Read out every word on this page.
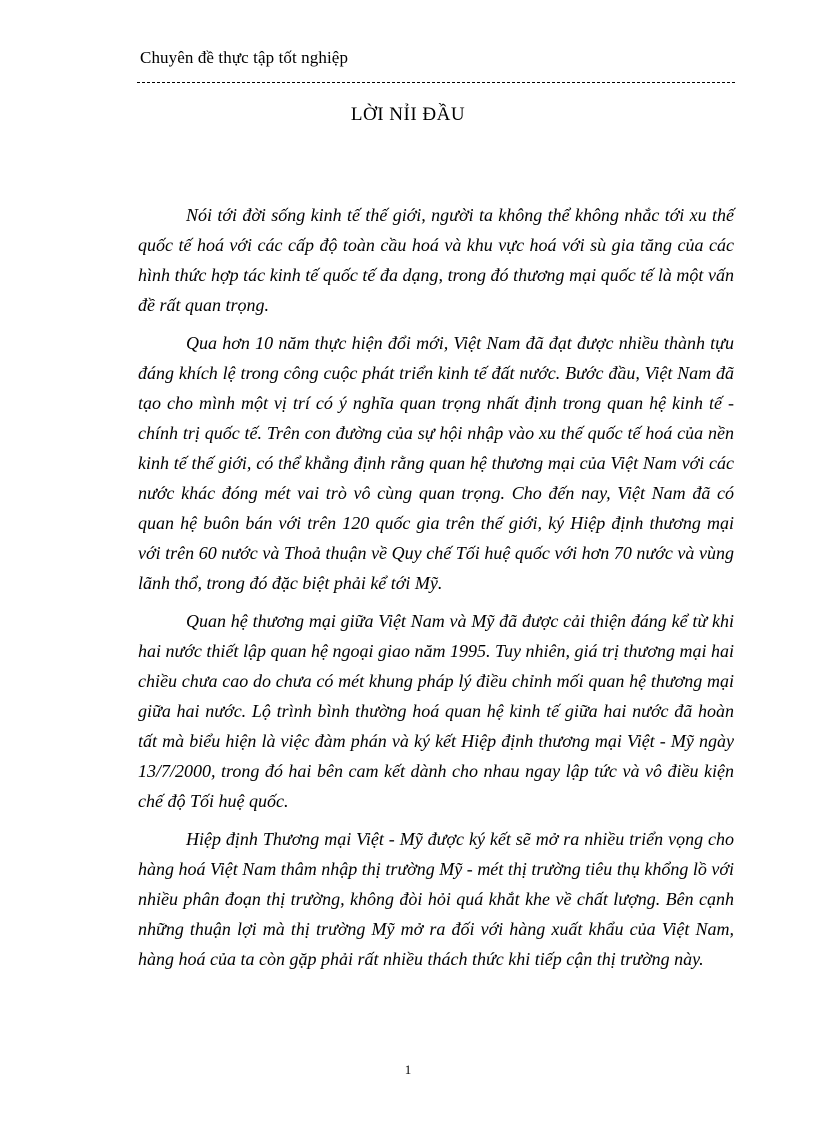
Chuyên đề thực tập tốt nghiệp
LỜI NỈI ĐẦU

Nói tới đời sống kinh tế thế giới, người ta không thể không nhắc tới xu thế quốc tế hoá với các cấp độ toàn cầu hoá và khu vực hoá với sù gia tăng của các hình thức hợp tác kinh tế quốc tế đa dạng, trong đó thương mại quốc tế là một vấn đề rất quan trọng.

Qua hơn 10 năm thực hiện đổi mới, Việt Nam đã đạt được nhiều thành tựu đáng khích lệ trong công cuộc phát triển kinh tế đất nước. Bước đầu, Việt Nam đã tạo cho mình một vị trí có ý nghĩa quan trọng nhất định trong quan hệ kinh tế - chính trị quốc tế. Trên con đường của sự hội nhập vào xu thế quốc tế hoá của nền kinh tế thế giới, có thể khẳng định rằng quan hệ thương mại của Việt Nam với các nước khác đóng mét vai trò vô cùng quan trọng. Cho đến nay, Việt Nam đã có quan hệ buôn bán với trên 120 quốc gia trên thế giới, ký Hiệp định thương mại với trên 60 nước và Thoả thuận về Quy chế Tối huệ quốc với hơn 70 nước và vùng lãnh thổ, trong đó đặc biệt phải kể tới Mỹ.

Quan hệ thương mại giữa Việt Nam và Mỹ đã được cải thiện đáng kể từ khi hai nước thiết lập quan hệ ngoại giao năm 1995. Tuy nhiên, giá trị thương mại hai chiều chưa cao do chưa có mét khung pháp lý điều chỉnh mối quan hệ thương mại giữa hai nước. Lộ trình bình thường hoá quan hệ kinh tế giữa hai nước đã hoàn tất mà biểu hiện là việc đàm phán và ký kết Hiệp định thương mại Việt - Mỹ ngày 13/7/2000, trong đó hai bên cam kết dành cho nhau ngay lập tức và vô điều kiện chế độ Tối huệ quốc.

Hiệp định Thương mại Việt - Mỹ được ký kết sẽ mở ra nhiều triển vọng cho hàng hoá Việt Nam thâm nhập thị trường Mỹ - mét thị trường tiêu thụ khổng lồ với nhiều phân đoạn thị trường, không đòi hỏi quá khắt khe về chất lượng. Bên cạnh những thuận lợi mà thị trường Mỹ mở ra đối với hàng xuất khẩu của Việt Nam, hàng hoá của ta còn gặp phải rất nhiều thách thức khi tiếp cận thị trường này.

1
